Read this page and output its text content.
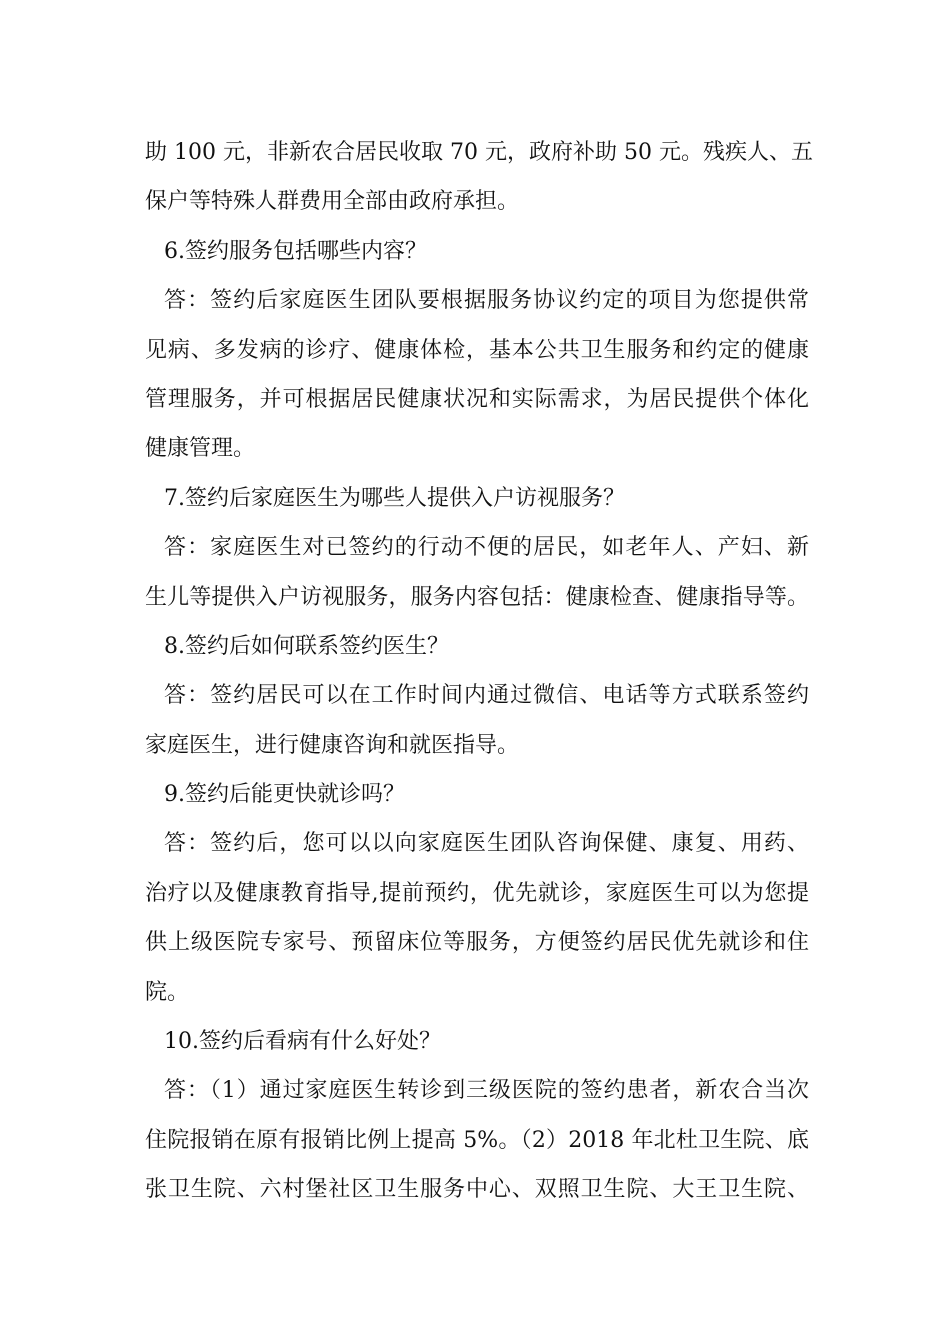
助 100 元，非新农合居民收取 70 元，政府补助 50 元。残疾人、五
保户等特殊人群费用全部由政府承担。
6.签约服务包括哪些内容？
答：签约后家庭医生团队要根据服务协议约定的项目为您提供常
见病、多发病的诊疗、健康体检，基本公共卫生服务和约定的健康
管理服务，并可根据居民健康状况和实际需求，为居民提供个体化
健康管理。
7.签约后家庭医生为哪些人提供入户访视服务？
答：家庭医生对已签约的行动不便的居民，如老年人、产妇、新
生儿等提供入户访视服务，服务内容包括：健康检查、健康指导等。
8.签约后如何联系签约医生？
答：签约居民可以在工作时间内通过微信、电话等方式联系签约
家庭医生，进行健康咨询和就医指导。
9.签约后能更快就诊吗？
答：签约后，您可以以向家庭医生团队咨询保健、康复、用药、
治疗以及健康教育指导,提前预约，优先就诊，家庭医生可以为您提
供上级医院专家号、预留床位等服务，方便签约居民优先就诊和住
院。
10.签约后看病有什么好处？
答：（1）通过家庭医生转诊到三级医院的签约患者，新农合当次
住院报销在原有报销比例上提高 5%。（2）2018 年北杜卫生院、底
张卫生院、六村堡社区卫生服务中心、双照卫生院、大王卫生院、
